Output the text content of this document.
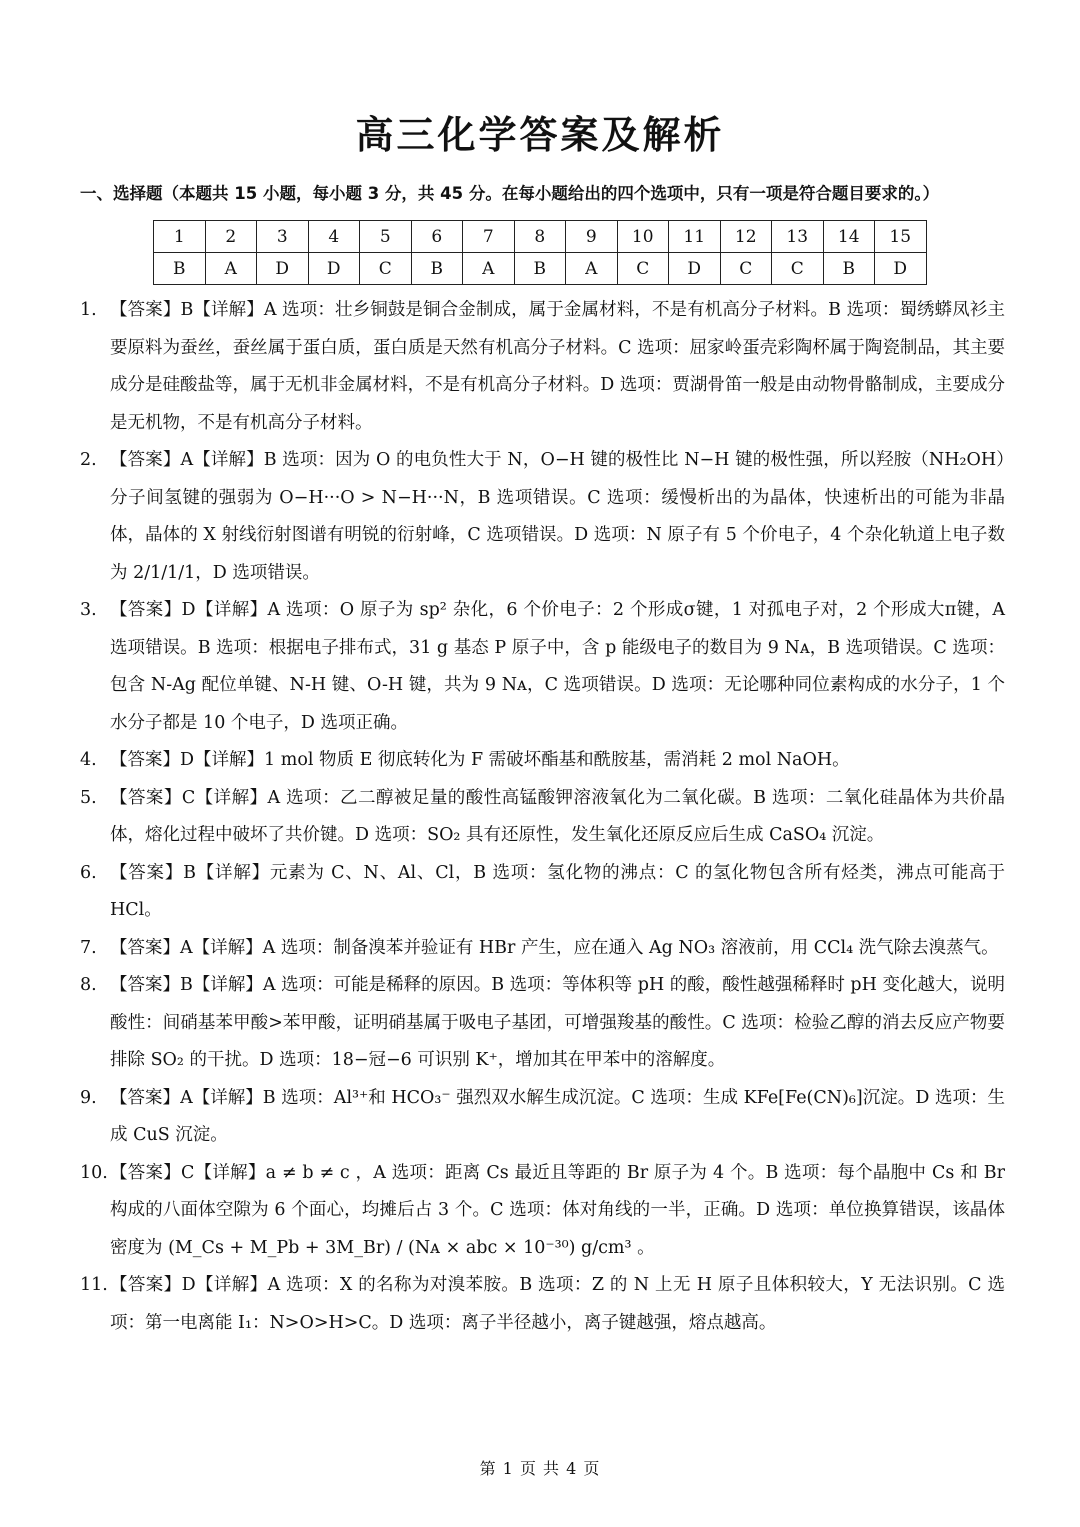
高三化学答案及解析
一、选择题（本题共 15 小题，每小题 3 分，共 45 分。在每小题给出的四个选项中，只有一项是符合题目要求的。）
1	2	3	4	5	6	7	8	9	10	11	12	13	14	15
B	A	D	D	C	B	A	B	A	C	D	C	C	B	D
1. 【答案】B【详解】A 选项：壮乡铜鼓是铜合金制成，属于金属材料，不是有机高分子材料。B 选项：蜀绣蟒凤衫主要原料为蚕丝，蚕丝属于蛋白质，蛋白质是天然有机高分子材料。C 选项：屈家岭蛋壳彩陶杯属于陶瓷制品，其主要成分是硅酸盐等，属于无机非金属材料，不是有机高分子材料。D 选项：贾湖骨笛一般是由动物骨骼制成，主要成分是无机物，不是有机高分子材料。
2. 【答案】A【详解】B 选项：因为 O 的电负性大于 N，O−H 键的极性比 N−H 键的极性强，所以羟胺（NH₂OH）分子间氢键的强弱为 O−H···O > N−H···N，B 选项错误。C 选项：缓慢析出的为晶体，快速析出的可能为非晶体，晶体的 X 射线衍射图谱有明锐的衍射峰，C 选项错误。D 选项：N 原子有 5 个价电子，4 个杂化轨道上电子数为 2/1/1/1，D 选项错误。
3. 【答案】D【详解】A 选项：O 原子为 sp² 杂化，6 个价电子：2 个形成σ键，1 对孤电子对，2 个形成大π键，A 选项错误。B 选项：根据电子排布式，31 g 基态 P 原子中，含 p 能级电子的数目为 9 Nᴀ，B 选项错误。C 选项：包含 N-Ag 配位单键、N-H 键、O-H 键，共为 9 Nᴀ，C 选项错误。D 选项：无论哪种同位素构成的水分子，1 个水分子都是 10 个电子，D 选项正确。
4. 【答案】D【详解】1 mol 物质 E 彻底转化为 F 需破坏酯基和酰胺基，需消耗 2 mol NaOH。
5. 【答案】C【详解】A 选项：乙二醇被足量的酸性高锰酸钾溶液氧化为二氧化碳。B 选项：二氧化硅晶体为共价晶体，熔化过程中破坏了共价键。D 选项：SO₂ 具有还原性，发生氧化还原反应后生成 CaSO₄ 沉淀。
6. 【答案】B【详解】元素为 C、N、Al、Cl，B 选项：氢化物的沸点：C 的氢化物包含所有烃类，沸点可能高于 HCl。
7. 【答案】A【详解】A 选项：制备溴苯并验证有 HBr 产生，应在通入 Ag NO₃ 溶液前，用 CCl₄ 洗气除去溴蒸气。
8. 【答案】B【详解】A 选项：可能是稀释的原因。B 选项：等体积等 pH 的酸，酸性越强稀释时 pH 变化越大，说明酸性：间硝基苯甲酸>苯甲酸，证明硝基属于吸电子基团，可增强羧基的酸性。C 选项：检验乙醇的消去反应产物要排除 SO₂ 的干扰。D 选项：18−冠−6 可识别 K⁺，增加其在甲苯中的溶解度。
9. 【答案】A【详解】B 选项：Al³⁺和 HCO₃⁻ 强烈双水解生成沉淀。C 选项：生成 KFe[Fe(CN)₆]沉淀。D 选项：生成 CuS 沉淀。
10. 【答案】C【详解】a ≠ b ≠ c ，A 选项：距离 Cs 最近且等距的 Br 原子为 4 个。B 选项：每个晶胞中 Cs 和 Br 构成的八面体空隙为 6 个面心，均摊后占 3 个。C 选项：体对角线的一半，正确。D 选项：单位换算错误，该晶体密度为 (M_Cs + M_Pb + 3M_Br) / (Nᴀ × abc × 10⁻³⁰) g/cm³ 。
11. 【答案】D【详解】A 选项：X 的名称为对溴苯胺。B 选项：Z 的 N 上无 H 原子且体积较大，Y 无法识别。C 选项：第一电离能 I₁：N>O>H>C。D 选项：离子半径越小，离子键越强，熔点越高。
第 1 页 共 4 页
